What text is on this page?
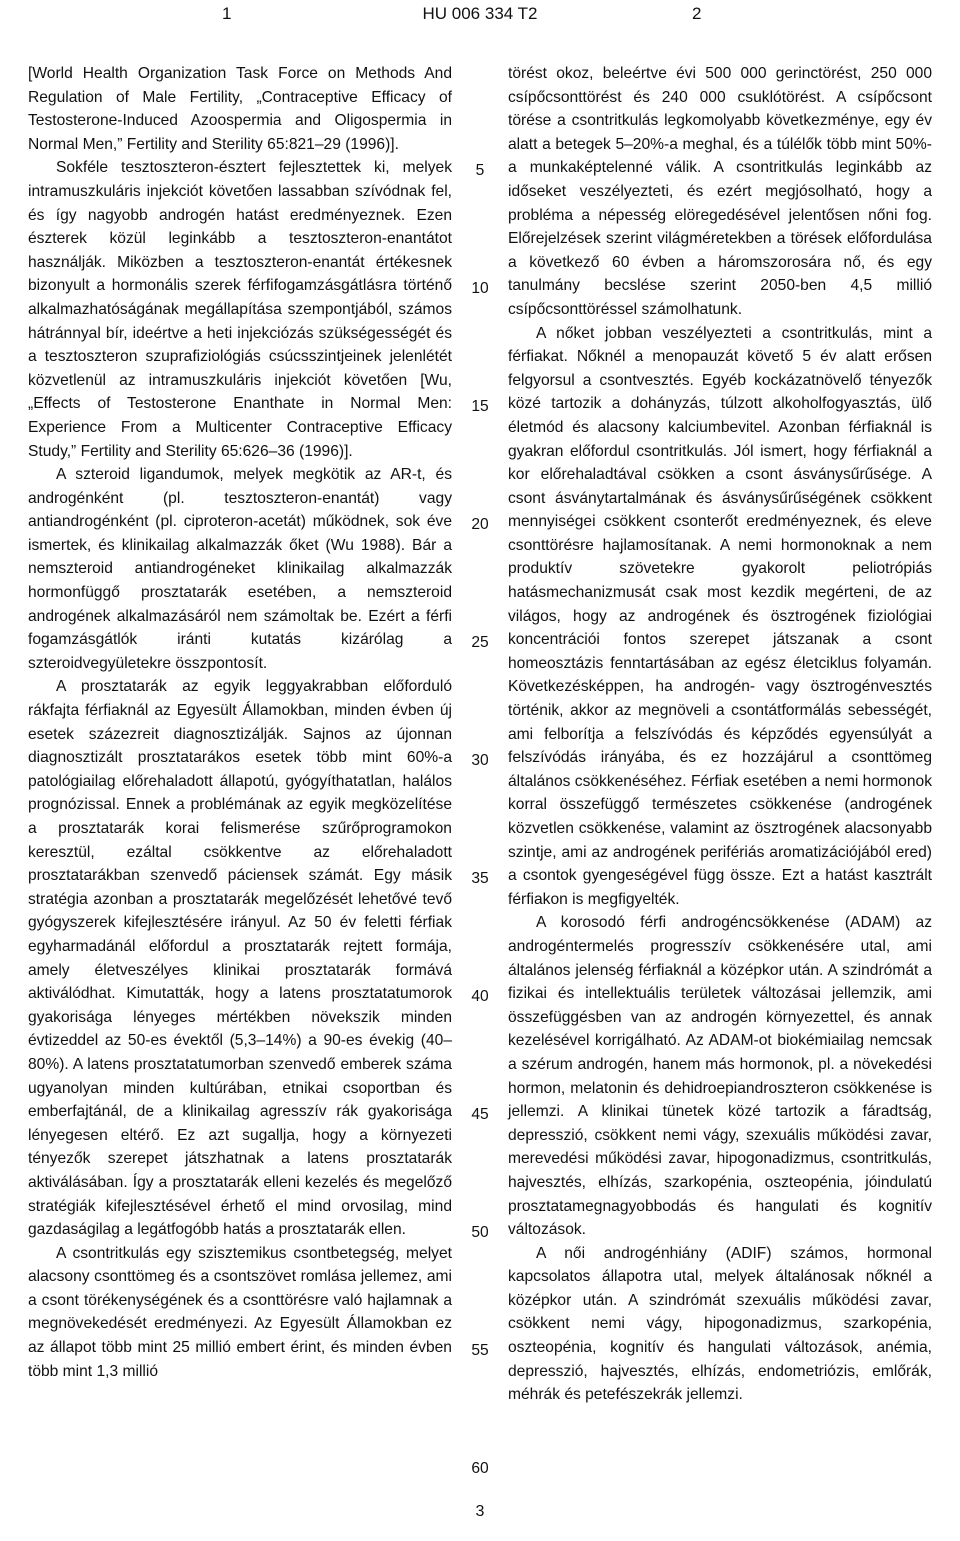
1	HU 006 334 T2	2

[World Health Organization Task Force on Methods And Regulation of Male Fertility, „Contraceptive Efficacy of Testosterone-Induced Azoospermia and Oligospermia in Normal Men,” Fertility and Sterility 65:821–29 (1996)].

Sokféle tesztoszteron-észtert fejlesztettek ki, melyek intramuszkuláris injekciót követően lassabban szívódnak fel, és így nagyobb androgén hatást eredményeznek. Ezen észterek közül leginkább a tesztoszteron-enantátot használják. Miközben a tesztoszteron-enantát értékesnek bizonyult a hormonális szerek férfifogamzásgátlásra történő alkalmazhatóságának megállapítása szempontjából, számos hátránnyal bír, ideértve a heti injekciózás szükségességét és a tesztoszteron szuprafiziológiás csúcsszintjeinek jelenlétét közvetlenül az intramuszkuláris injekciót követően [Wu, „Effects of Testosterone Enanthate in Normal Men: Experience From a Multicenter Contraceptive Efficacy Study,” Fertility and Sterility 65:626–36 (1996)].

A szteroid ligandumok, melyek megkötik az AR-t, és androgénként (pl. tesztoszteron-enantát) vagy antiandrogénként (pl. ciproteron-acetát) működnek, sok éve ismertek, és klinikailag alkalmazzák őket (Wu 1988). Bár a nemszteroid antiandrogéneket klinikailag alkalmazzák hormonfüggő prosztatarák esetében, a nemszteroid androgének alkalmazásáról nem számoltak be. Ezért a férfi fogamzásgátlók iránti kutatás kizárólag a szteroidvegyületekre összpontosít.

A prosztatarák az egyik leggyakrabban előforduló rákfajta férfiaknál az Egyesült Államokban, minden évben új esetek százezreit diagnosztizálják. Sajnos az újonnan diagnosztizált prosztatarákos esetek több mint 60%-a patológiailag előrehaladott állapotú, gyógyíthatatlan, halálos prognózissal. Ennek a problémának az egyik megközelítése a prosztatarák korai felismerése szűrőprogramokon keresztül, ezáltal csökkentve az előrehaladott prosztatarákban szenvedő páciensek számát. Egy másik stratégia azonban a prosztatarák megelőzését lehetővé tevő gyógyszerek kifejlesztésére irányul. Az 50 év feletti férfiak egyharmadánál előfordul a prosztatarák rejtett formája, amely életveszélyes klinikai prosztatarák formává aktiválódhat. Kimutatták, hogy a latens prosztatatumorok gyakorisága lényeges mértékben növekszik minden évtizeddel az 50-es évektől (5,3–14%) a 90-es évekig (40–80%). A latens prosztatatumorban szenvedő emberek száma ugyanolyan minden kultúrában, etnikai csoportban és emberfajtánál, de a klinikailag agresszív rák gyakorisága lényegesen eltérő. Ez azt sugallja, hogy a környezeti tényezők szerepet játszhatnak a latens prosztatarák aktiválásában. Így a prosztatarák elleni kezelés és megelőző stratégiák kifejlesztésével érhető el mind orvosilag, mind gazdaságilag a legátfogóbb hatás a prosztatarák ellen.

A csontritkulás egy szisztemikus csontbetegség, melyet alacsony csonttömeg és a csontszövet romlása jellemez, ami a csont törékenységének és a csonttörésre való hajlamnak a megnövekedését eredményezi. Az Egyesült Államokban ez az állapot több mint 25 millió embert érint, és minden évben több mint 1,3 millió

5
10
15
20
25
30
35
40
45
50
55
60

törést okoz, beleértve évi 500 000 gerinctörést, 250 000 csípőcsonttörést és 240 000 csuklótörést. A csípőcsont törése a csontritkulás legkomolyabb következménye, egy év alatt a betegek 5–20%-a meghal, és a túlélők több mint 50%-a munkaképtelenné válik. A csontritkulás leginkább az időseket veszélyezteti, és ezért megjósolható, hogy a probléma a népesség elöregedésével jelentősen nőni fog. Előrejelzések szerint világméretekben a törések előfordulása a következő 60 évben a háromszorosára nő, és egy tanulmány becslése szerint 2050-ben 4,5 millió csípőcsonttöréssel számolhatunk.

A nőket jobban veszélyezteti a csontritkulás, mint a férfiakat. Nőknél a menopauzát követő 5 év alatt erősen felgyorsul a csontvesztés. Egyéb kockázatnövelő tényezők közé tartozik a dohányzás, túlzott alkoholfogyasztás, ülő életmód és alacsony kalciumbevitel. Azonban férfiaknál is gyakran előfordul csontritkulás. Jól ismert, hogy férfiaknál a kor előrehaladtával csökken a csont ásványsűrűsége. A csont ásványtartalmának és ásványsűrűségének csökkent mennyiségei csökkent csonterőt eredményeznek, és eleve csonttörésre hajlamosítanak. A nemi hormonoknak a nem produktív szövetekre gyakorolt peliotrópiás hatásmechanizmusát csak most kezdik megérteni, de az világos, hogy az androgének és ösztrogének fiziológiai koncentrációi fontos szerepet játszanak a csont homeosztázis fenntartásában az egész életciklus folyamán. Következésképpen, ha androgén- vagy ösztrogénvesztés történik, akkor az megnöveli a csontátformálás sebességét, ami felborítja a felszívódás és képződés egyensúlyát a felszívódás irányába, és ez hozzájárul a csonttömeg általános csökkenéséhez. Férfiak esetében a nemi hormonok korral összefüggő természetes csökkenése (androgének közvetlen csökkenése, valamint az ösztrogének alacsonyabb szintje, ami az androgének perifériás aromatizációjából ered) a csontok gyengeségével függ össze. Ezt a hatást kasztrált férfiakon is megfigyelték.

A korosodó férfi androgéncsökkenése (ADAM) az androgéntermelés progresszív csökkenésére utal, ami általános jelenség férfiaknál a középkor után. A szindrómát a fizikai és intellektuális területek változásai jellemzik, ami összefüggésben van az androgén környezettel, és annak kezelésével korrigálható. Az ADAM-ot biokémiailag nemcsak a szérum androgén, hanem más hormonok, pl. a növekedési hormon, melatonin és dehidroepiandroszteron csökkenése is jellemzi. A klinikai tünetek közé tartozik a fáradtság, depresszió, csökkent nemi vágy, szexuális működési zavar, merevedési működési zavar, hipogonadizmus, csontritkulás, hajvesztés, elhízás, szarkopénia, oszteopénia, jóindulatú prosztatamegnagyobbodás és hangulati és kognitív változások.

A női androgénhiány (ADIF) számos, hormonal kapcsolatos állapotra utal, melyek általánosak nőknél a középkor után. A szindrómát szexuális működési zavar, csökkent nemi vágy, hipogonadizmus, szarkopénia, oszteopénia, kognitív és hangulati változások, anémia, depresszió, hajvesztés, elhízás, endometriózis, emlőrák, méhrák és petefészekrák jellemzi.

3
